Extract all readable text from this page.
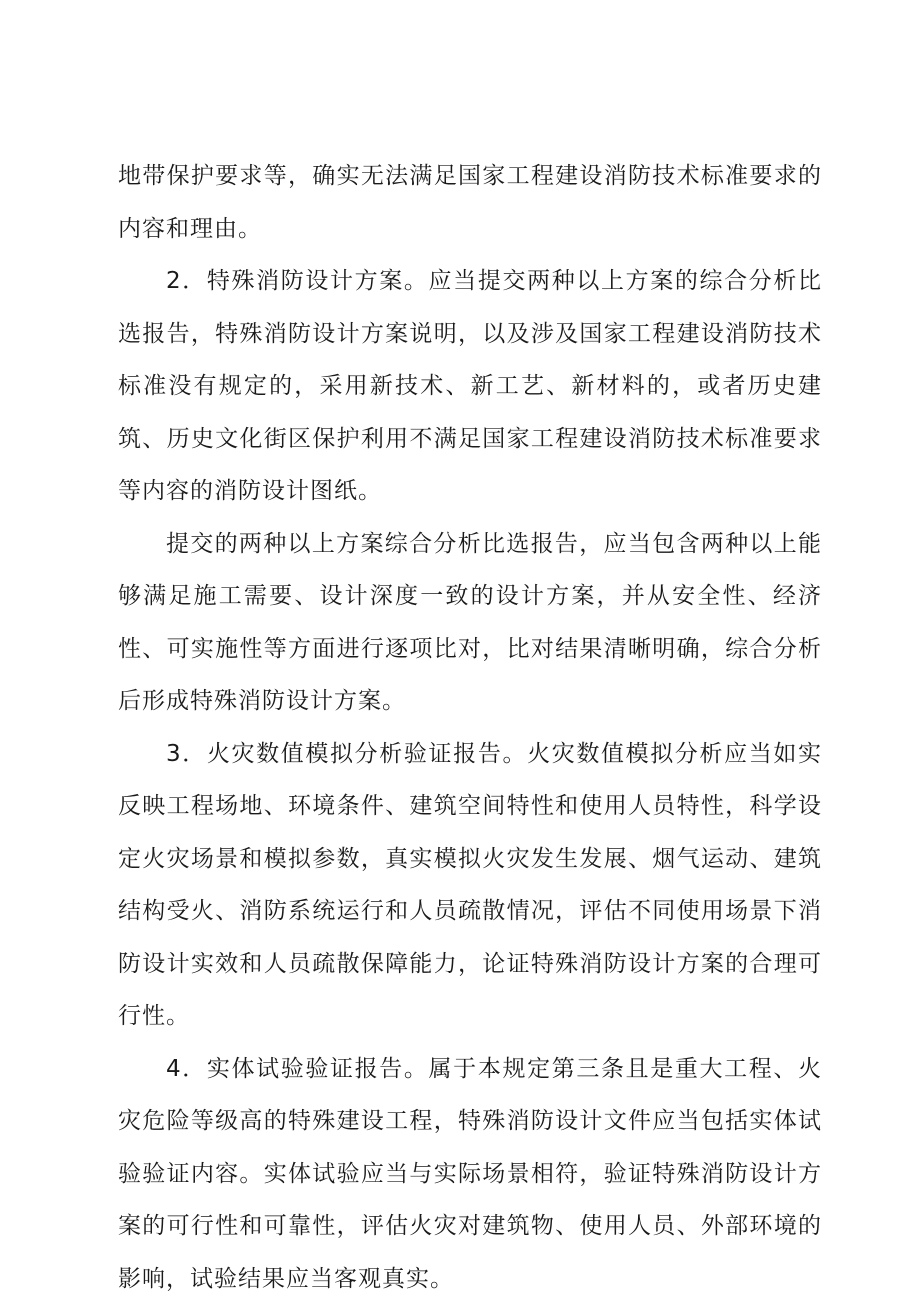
地带保护要求等，确实无法满足国家工程建设消防技术标准要求的内容和理由。

2．特殊消防设计方案。应当提交两种以上方案的综合分析比选报告，特殊消防设计方案说明，以及涉及国家工程建设消防技术标准没有规定的，采用新技术、新工艺、新材料的，或者历史建筑、历史文化街区保护利用不满足国家工程建设消防技术标准要求等内容的消防设计图纸。

提交的两种以上方案综合分析比选报告，应当包含两种以上能够满足施工需要、设计深度一致的设计方案，并从安全性、经济性、可实施性等方面进行逐项比对，比对结果清晰明确，综合分析后形成特殊消防设计方案。

3．火灾数值模拟分析验证报告。火灾数值模拟分析应当如实反映工程场地、环境条件、建筑空间特性和使用人员特性，科学设定火灾场景和模拟参数，真实模拟火灾发生发展、烟气运动、建筑结构受火、消防系统运行和人员疏散情况，评估不同使用场景下消防设计实效和人员疏散保障能力，论证特殊消防设计方案的合理可行性。

4．实体试验验证报告。属于本规定第三条且是重大工程、火灾危险等级高的特殊建设工程，特殊消防设计文件应当包括实体试验验证内容。实体试验应当与实际场景相符，验证特殊消防设计方案的可行性和可靠性，评估火灾对建筑物、使用人员、外部环境的影响，试验结果应当客观真实。
